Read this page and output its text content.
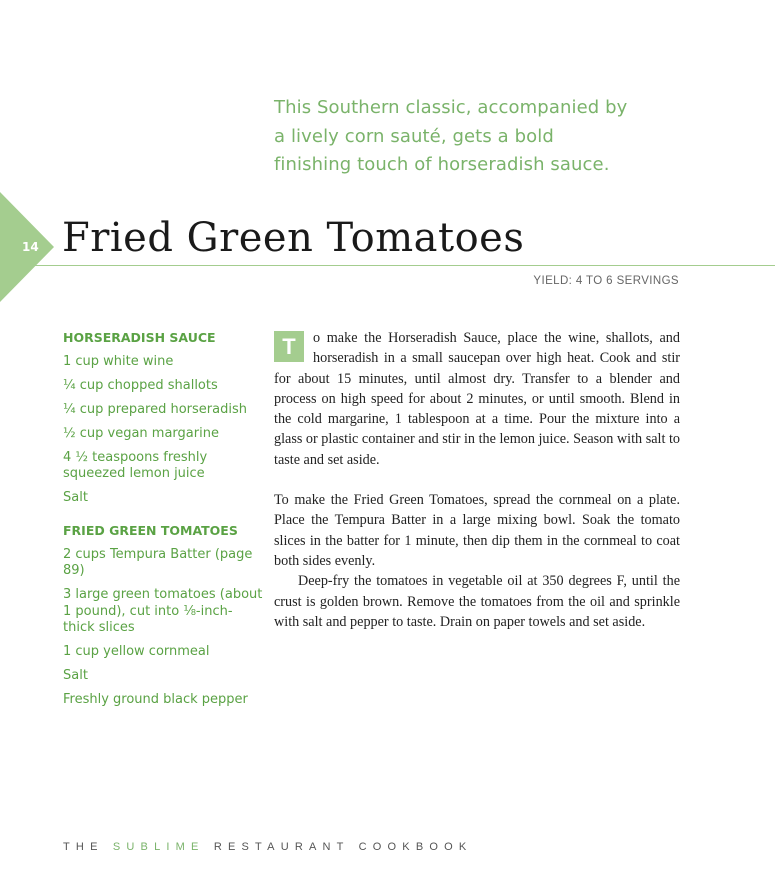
This Southern classic, accompanied by a lively corn sauté, gets a bold finishing touch of horseradish sauce.
14 Fried Green Tomatoes
YIELD: 4 TO 6 SERVINGS
HORSERADISH SAUCE
1 cup white wine
¼ cup chopped shallots
¼ cup prepared horseradish
½ cup vegan margarine
4 ½ teaspoons freshly squeezed lemon juice
Salt
FRIED GREEN TOMATOES
2 cups Tempura Batter (page 89)
3 large green tomatoes (about 1 pound), cut into ⅛-inch-thick slices
1 cup yellow cornmeal
Salt
Freshly ground black pepper

T	o make the Horseradish Sauce, place the wine, shallots, and horseradish in a small saucepan over high heat. Cook and stir for about 15 minutes, until almost dry. Transfer to a blender and process on high speed for about 2 minutes, or until smooth. Blend in the cold margarine, 1 tablespoon at a time. Pour the mixture into a glass or plastic container and stir in the lemon juice. Season with salt to taste and set aside.

To make the Fried Green Tomatoes, spread the cornmeal on a plate. Place the Tempura Batter in a large mixing bowl. Soak the tomato slices in the batter for 1 minute, then dip them in the cornmeal to coat both sides evenly.

Deep-fry the tomatoes in vegetable oil at 350 degrees F, until the crust is golden brown. Remove the tomatoes from the oil and sprinkle with salt and pepper to taste. Drain on paper towels and set aside.

THE SUBLIME RESTAURANT COOKBOOK
